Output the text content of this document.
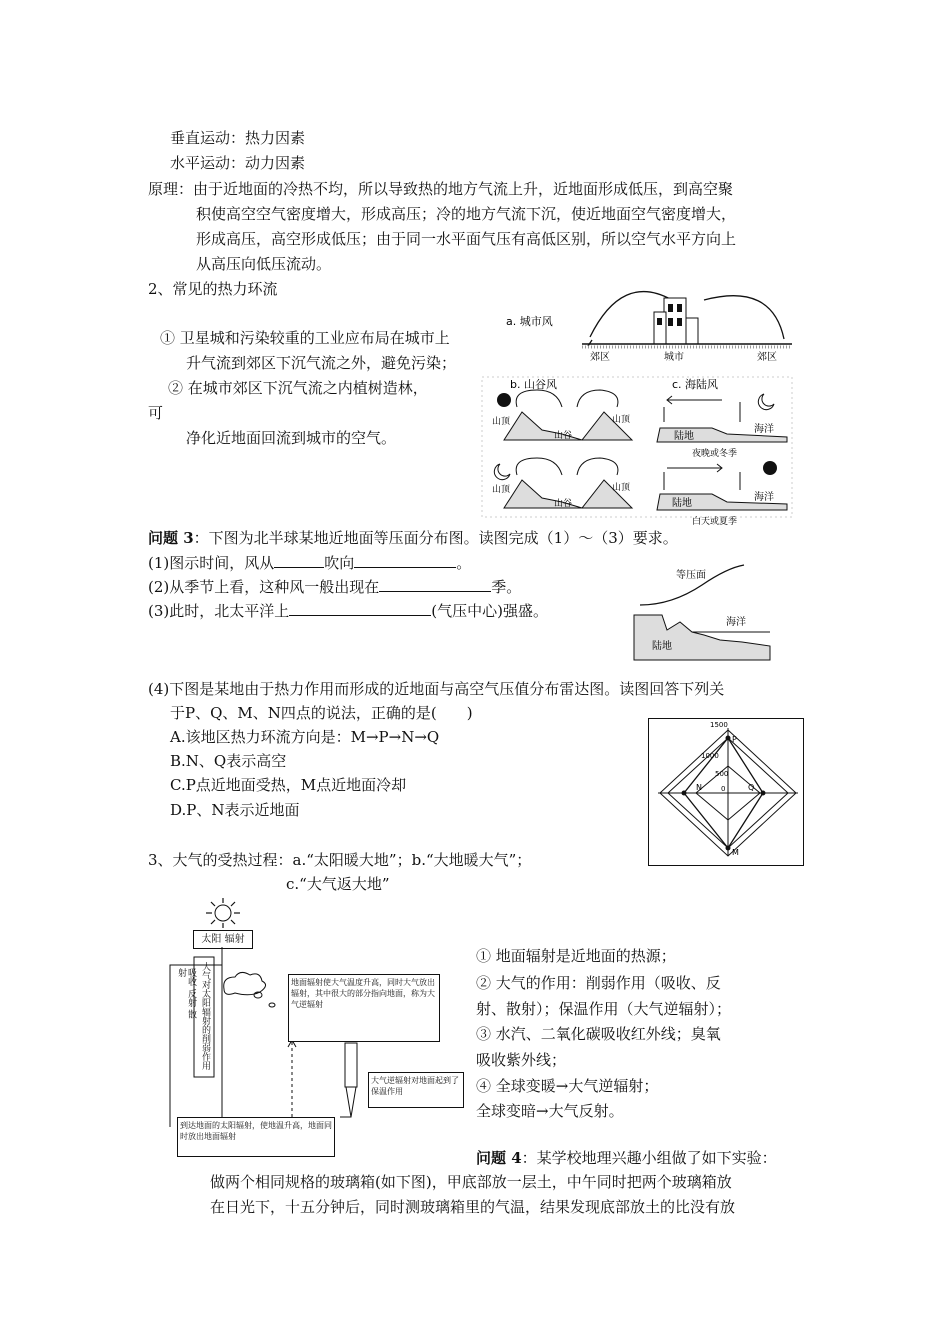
垂直运动：热力因素
水平运动：动力因素
原理：由于近地面的冷热不均，所以导致热的地方气流上升，近地面形成低压，到高空聚
积使高空空气密度增大，形成高压；冷的地方气流下沉，使近地面空气密度增大，
形成高压，高空形成低压；由于同一水平面气压有高低区别，所以空气水平方向上
从高压向低压流动。
2、常见的热力环流
① 卫星城和污染较重的工业应布局在城市上
升气流到郊区下沉气流之外，避免污染；
② 在城市郊区下沉气流之内植树造林，
可
净化近地面回流到城市的空气。
a. 城市风
郊区	城市	郊区
b. 山谷风	c. 海陆风
山顶	山顶
山谷
山顶	山顶
山谷
陆地
海洋
夜晚或冬季
陆地
海洋
白天或夏季
问题 3：下图为北半球某地近地面等压面分布图。读图完成（1）～（3）要求。
(1)图示时间，风从	吹向	。
(2)从季节上看，这种风一般出现在	季。
(3)此时，北太平洋上	(气压中心)强盛。
等压面
海洋
陆地
(4)下图是某地由于热力作用而形成的近地面与高空气压值分布雷达图。读图回答下列关
于P、Q、M、N四点的说法，正确的是(　　)
A.该地区热力环流方向是：M→P→N→Q
B.N、Q表示高空
C.P点近地面受热，M点近地面冷却
D.P、N表示近地面
1500
1000
500
0
P
Q
M
N
3、大气的受热过程：a.“太阳暖大地”；b.“大地暖大气”；
c.“大气返大地”
太阳 辐射
吸收 反射 散射	大气对太阳辐射的削弱作用	地面辐射使大气温度升高，同时大气放出辐射，其中很大的部分指向地面，称为大气逆辐射
大气逆辐射对地面起到了保温作用
到达地面的太阳辐射，使地温升高，地面同时放出地面辐射
① 地面辐射是近地面的热源；
② 大气的作用：削弱作用（吸收、反
射、散射）；保温作用（大气逆辐射）；
③ 水汽、二氧化碳吸收红外线；臭氧
吸收紫外线；
④ 全球变暖→大气逆辐射；
全球变暗→大气反射。
问题 4：某学校地理兴趣小组做了如下实验：
做两个相同规格的玻璃箱(如下图)，甲底部放一层土，中午同时把两个玻璃箱放
在日光下，十五分钟后，同时测玻璃箱里的气温，结果发现底部放土的比没有放
